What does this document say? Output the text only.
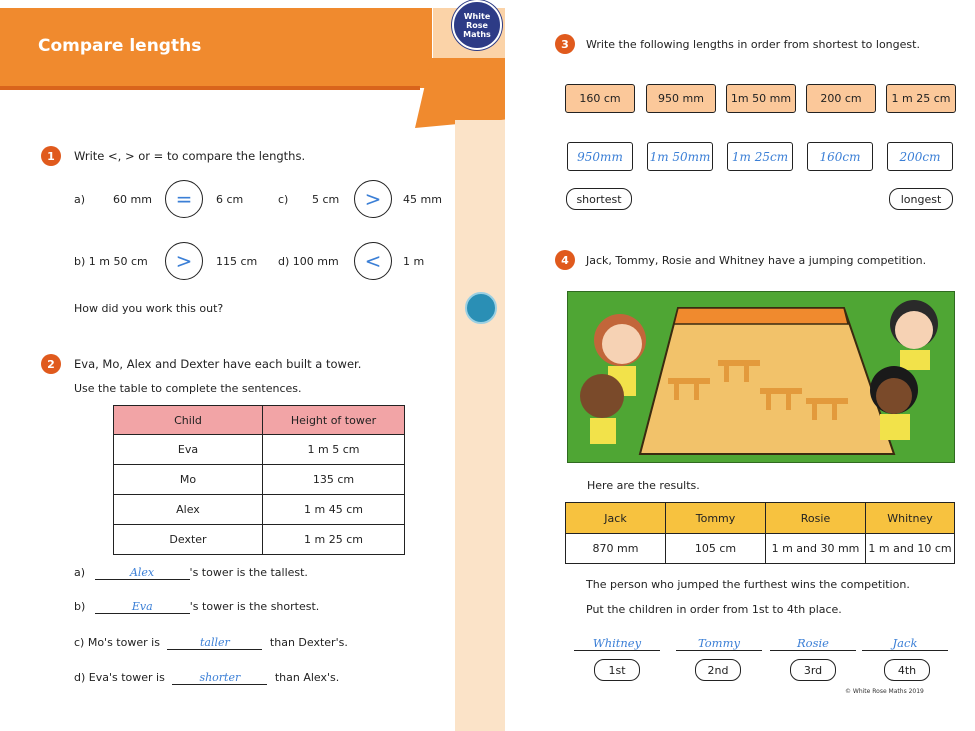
Compare lengths
White Rose Maths
1	Write <, > or = to compare the lengths.
a)	60 mm = 6 cm	c) 5 cm > 45 mm
b) 1 m 50 cm > 115 cm d) 100 mm < 1 m
How did you work this out?
2	Eva, Mo, Alex and Dexter have each built a tower.
Use the table to complete the sentences.
Child	Height of tower
Eva	1 m 5 cm
Mo	135 cm
Alex	1 m 45 cm
Dexter	1 m 25 cm
a)	Alex	's tower is the tallest.
b)	Eva	's tower is the shortest.
c) Mo's tower is	taller	than Dexter's.
d) Eva's tower is	shorter	than Alex's.
3	Write the following lengths in order from shortest to longest.
160 cm	950 mm	1m 50 mm	200 cm	1 m 25 cm
950mm	1m 50mm	1m 25cm	160cm	200cm
shortest	longest
4	Jack, Tommy, Rosie and Whitney have a jumping competition.
Here are the results.
Jack	Tommy	Rosie	Whitney
870 mm	105 cm	1 m and 30 mm	1 m and 10 cm
The person who jumped the furthest wins the competition.
Put the children in order from 1st to 4th place.
Whitney	Tommy	Rosie	Jack
1st	2nd	3rd	4th
© White Rose Maths 2019
